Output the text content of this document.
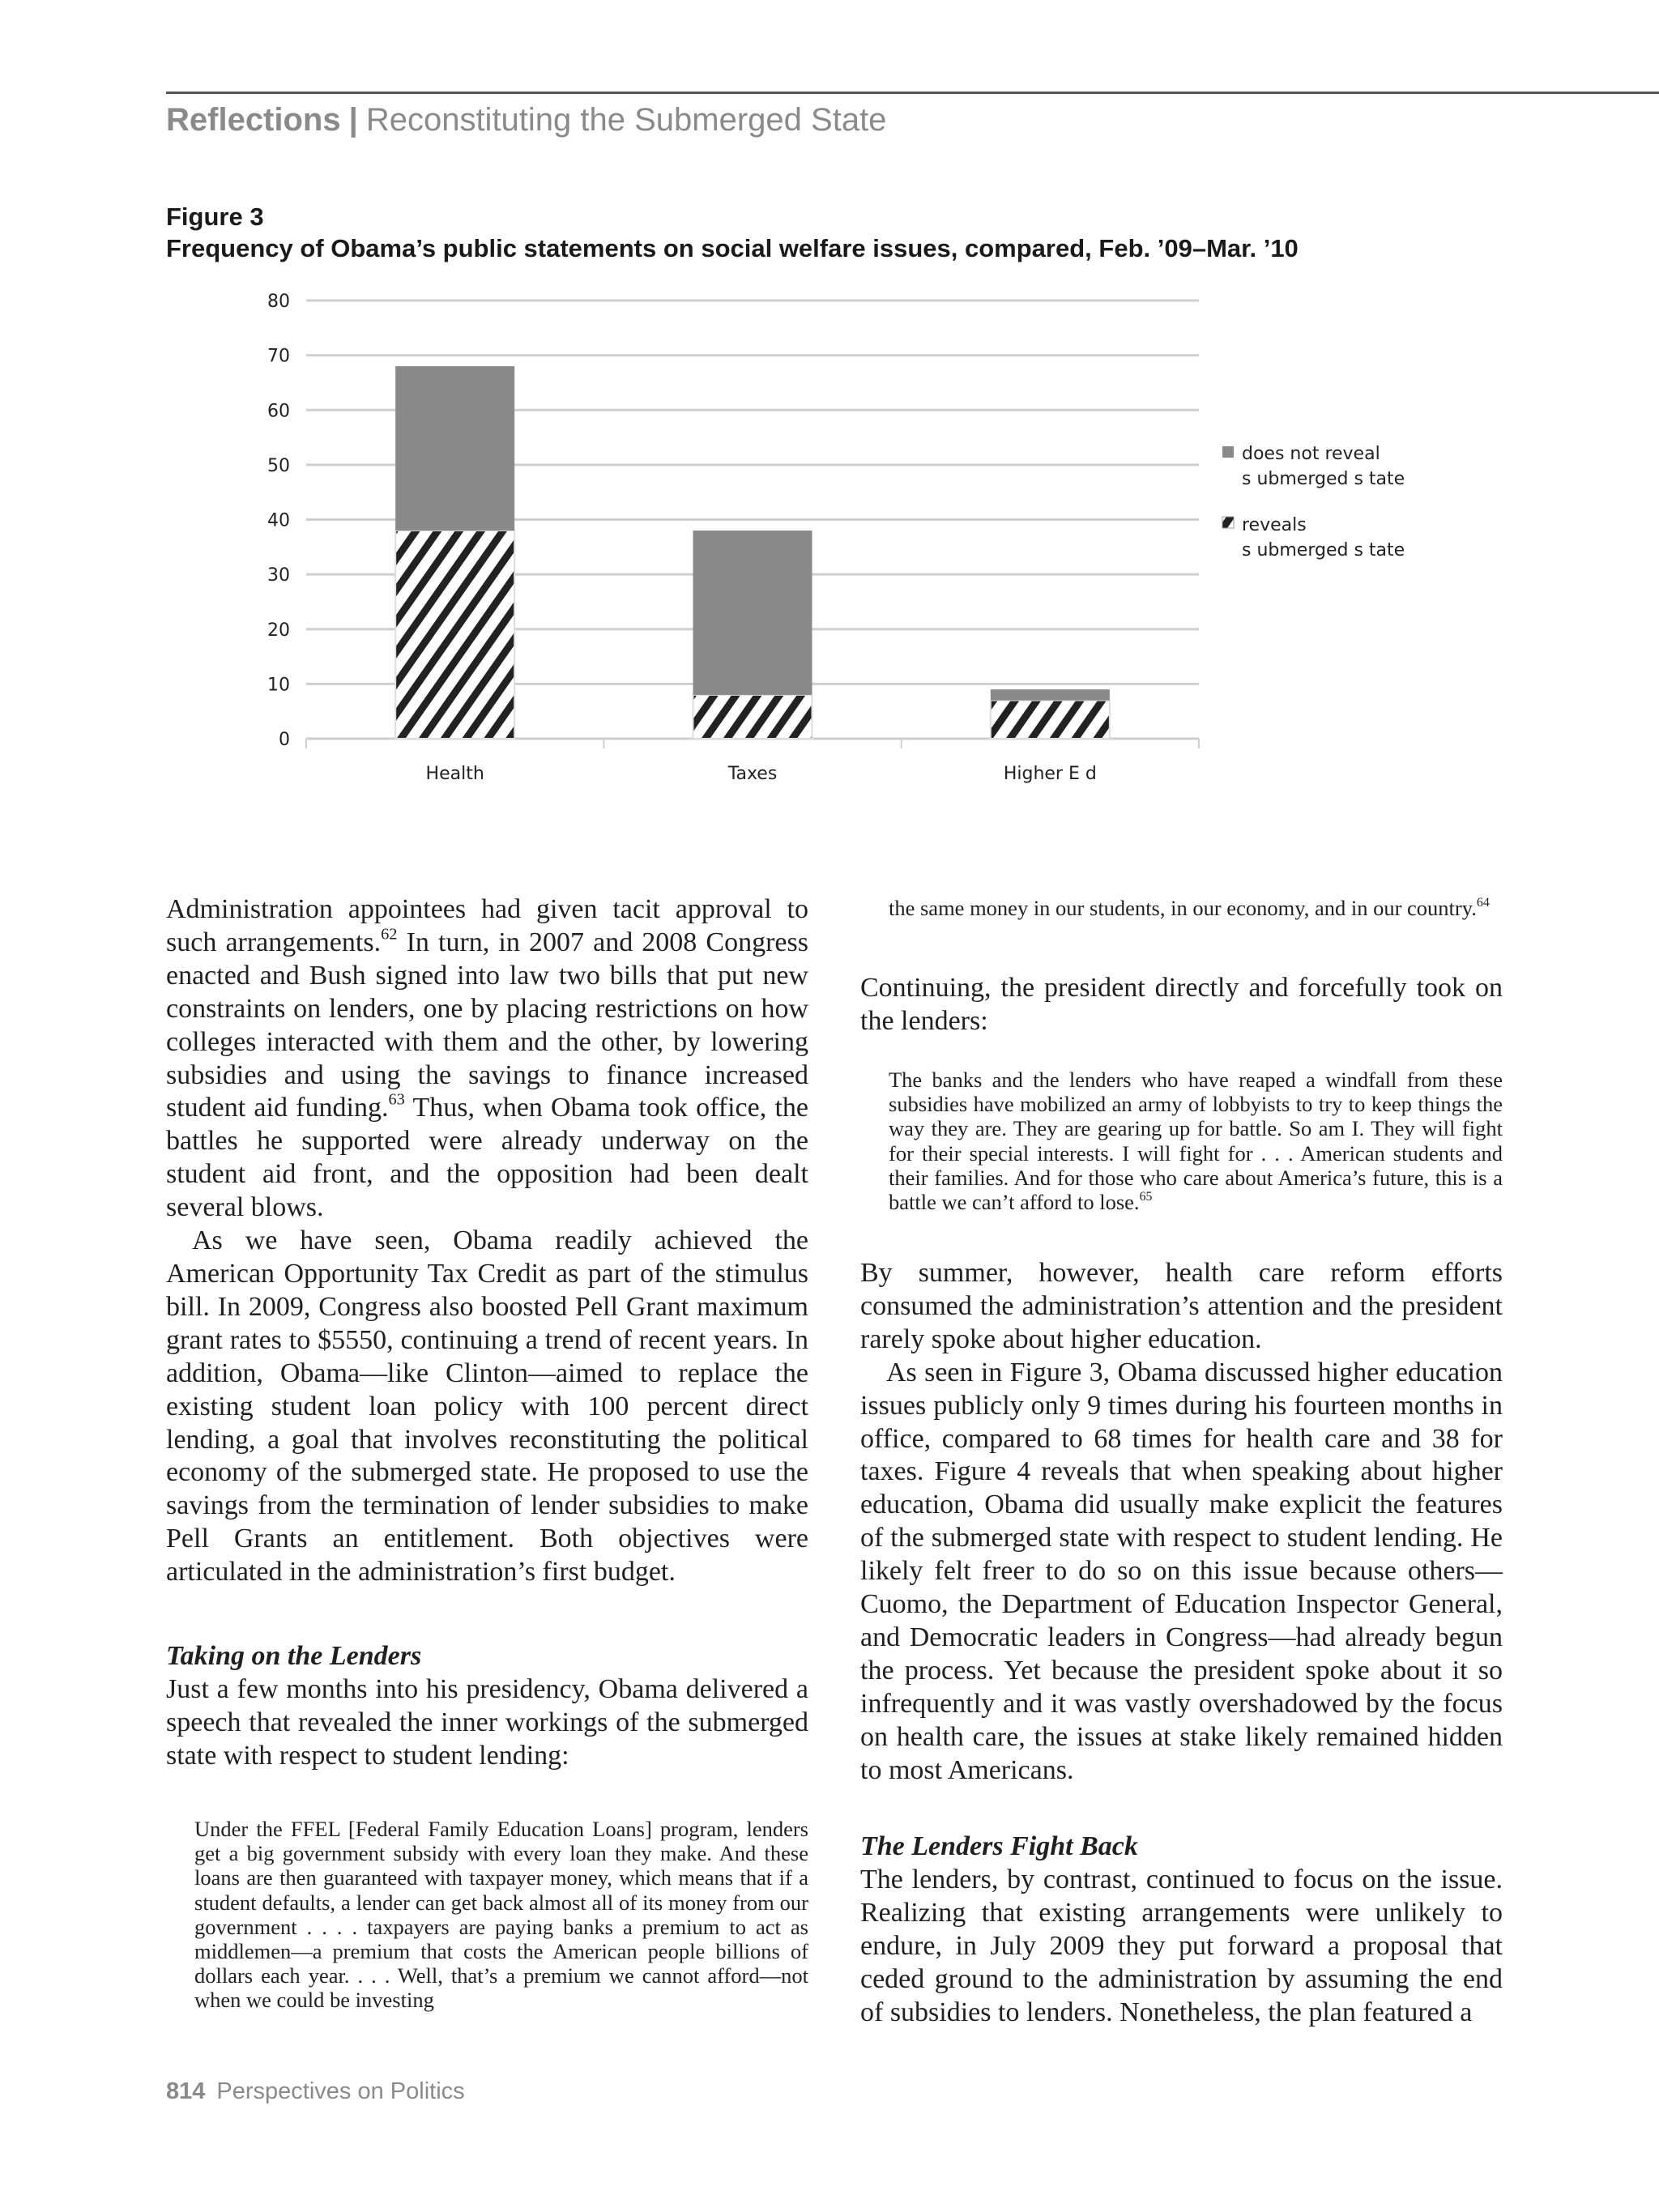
Reflections | Reconstituting the Submerged State
Figure 3
Frequency of Obama’s public statements on social welfare issues, compared, Feb. ’09–Mar. ’10
0
10
20
30
40
50
60
70
80
Health	Taxes	Higher E d
does not reveal
s ubmerged s tate
reveals
s ubmerged s tate

Administration appointees had given tacit approval to such arrangements.$^{62}$ In turn, in 2007 and 2008 Congress enacted and Bush signed into law two bills that put new constraints on lenders, one by placing restrictions on how colleges interacted with them and the other, by lowering subsidies and using the savings to finance increased student aid funding.$^{63}$ Thus, when Obama took office, the battles he supported were already underway on the student aid front, and the opposition had been dealt several blows.

As we have seen, Obama readily achieved the American Opportunity Tax Credit as part of the stimulus bill. In 2009, Congress also boosted Pell Grant maximum grant rates to $5550, continuing a trend of recent years. In addition, Obama—like Clinton—aimed to replace the existing student loan policy with 100 percent direct lending, a goal that involves reconstituting the political economy of the submerged state. He proposed to use the savings from the termination of lender subsidies to make Pell Grants an entitlement. Both objectives were articulated in the administration’s first budget.

Taking on the Lenders

Just a few months into his presidency, Obama delivered a speech that revealed the inner workings of the submerged state with respect to student lending:

Under the FFEL [Federal Family Education Loans] program, lenders get a big government subsidy with every loan they make. And these loans are then guaranteed with taxpayer money, which means that if a student defaults, a lender can get back almost all of its money from our government . . . . taxpayers are paying banks a premium to act as middlemen—a premium that costs the American people billions of dollars each year. . . . Well, that’s a premium we cannot afford—not when we could be investing
the same money in our students, in our economy, and in our country.$^{64}$
Continuing, the president directly and forcefully took on the lenders:
The banks and the lenders who have reaped a windfall from these subsidies have mobilized an army of lobbyists to try to keep things the way they are. They are gearing up for battle. So am I. They will fight for their special interests. I will fight for . . . American students and their families. And for those who care about America’s future, this is a battle we can’t afford to lose.$^{65}$

By summer, however, health care reform efforts consumed the administration’s attention and the president rarely spoke about higher education.

As seen in Figure 3, Obama discussed higher education issues publicly only 9 times during his fourteen months in office, compared to 68 times for health care and 38 for taxes. Figure 4 reveals that when speaking about higher education, Obama did usually make explicit the features of the submerged state with respect to student lending. He likely felt freer to do so on this issue because others—Cuomo, the Department of Education Inspector General, and Democratic leaders in Congress—had already begun the process. Yet because the president spoke about it so infrequently and it was vastly overshadowed by the focus on health care, the issues at stake likely remained hidden to most Americans.

The Lenders Fight Back

The lenders, by contrast, continued to focus on the issue. Realizing that existing arrangements were unlikely to endure, in July 2009 they put forward a proposal that ceded ground to the administration by assuming the end of subsidies to lenders. Nonetheless, the plan featured a

814 Perspectives on Politics
